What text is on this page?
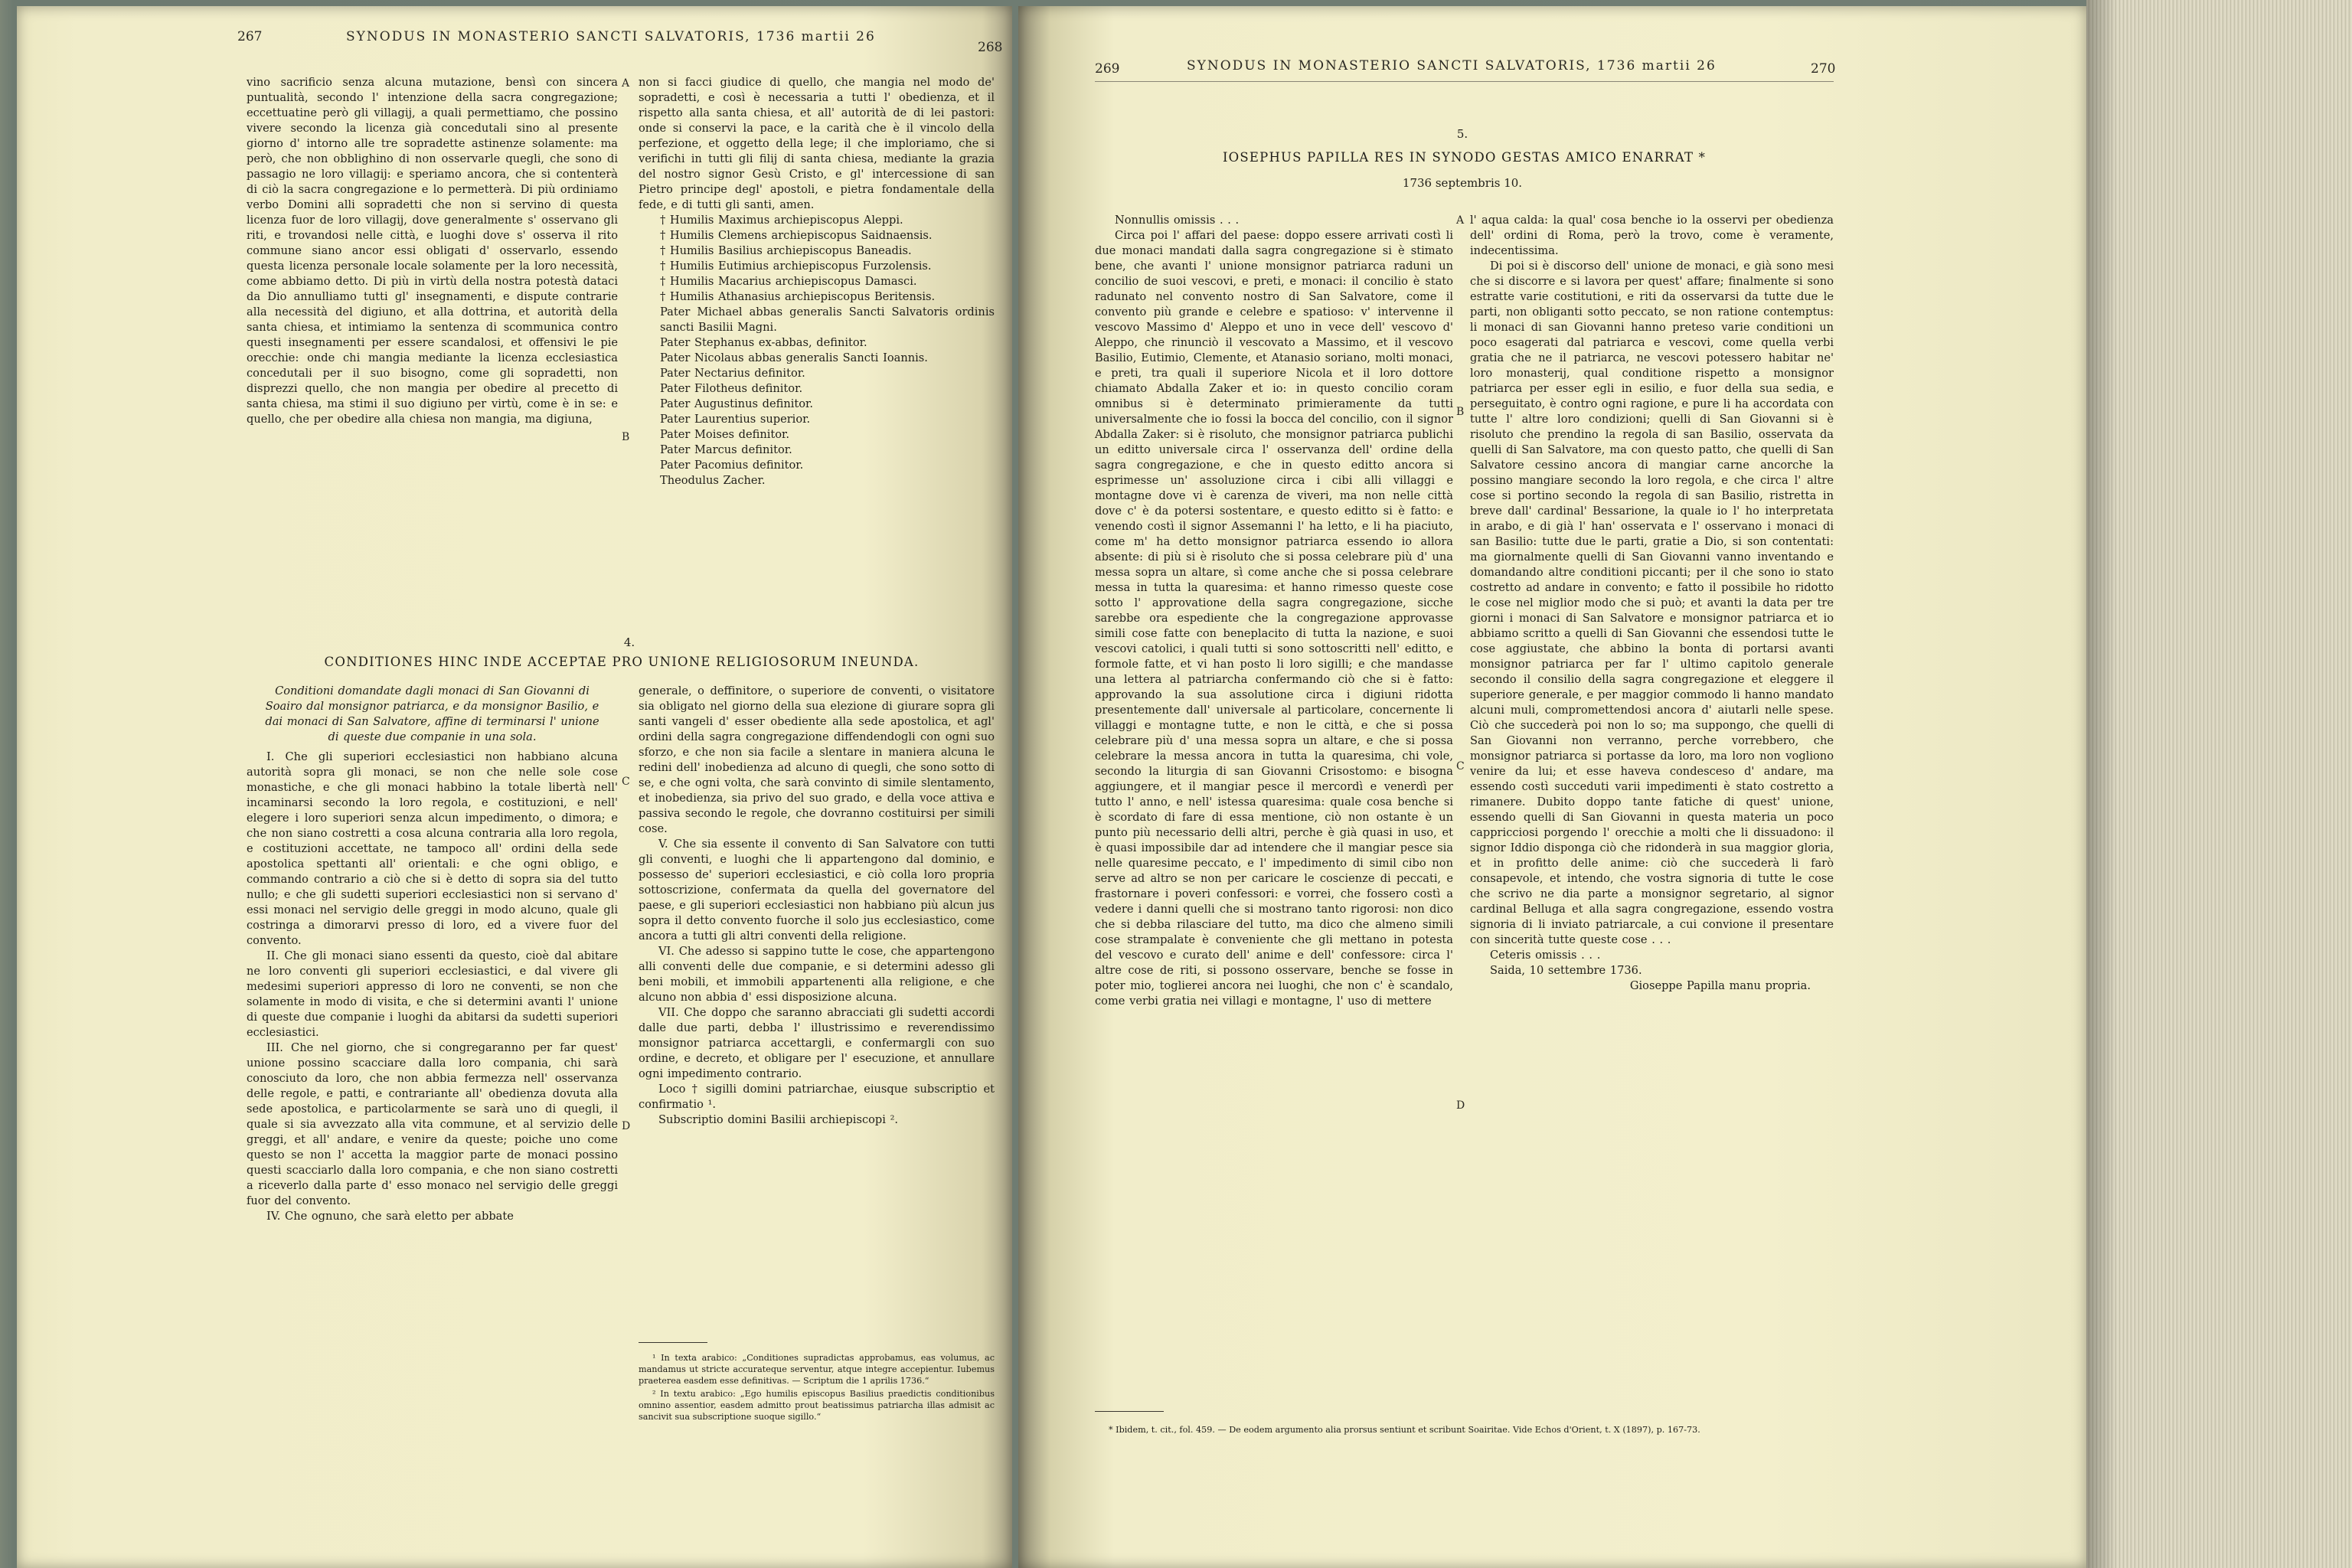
267	SYNODUS IN MONASTERIO SANCTI SALVATORIS, 1736 martii 26
268

vino sacrificio senza alcuna mutazione, bensì con sincera puntualità, secondo l' intenzione della sacra congregazione; eccettuatine però gli villagij, a quali permettiamo, che possino vivere secondo la licenza già concedutali sino al presente giorno d' intorno alle tre sopradette astinenze solamente: ma però, che non obblighino di non osservarle quegli, che sono di passagio ne loro villagij: e speriamo ancora, che si contenterà di ciò la sacra congregazione e lo permetterà. Di più ordiniamo verbo Domini alli sopradetti che non si servino di questa licenza fuor de loro villagij, dove generalmente s' osservano gli riti, e trovandosi nelle città, e luoghi dove s' osserva il rito commune siano ancor essi obligati d' osservarlo, essendo questa licenza personale locale solamente per la loro necessità, come abbiamo detto. Di più in virtù della nostra potestà dataci da Dio annulliamo tutti gl' insegnamenti, e dispute contrarie alla necessità del digiuno, et alla dottrina, et autorità della santa chiesa, et intimiamo la sentenza di scommunica contro questi insegnamenti per essere scandalosi, et offensivi le pie orecchie: onde chi mangia mediante la licenza ecclesiastica concedutali per il suo bisogno, come gli sopradetti, non disprezzi quello, che non mangia per obedire al precetto di santa chiesa, ma stimi il suo digiuno per virtù, come è in se: e quello, che per obedire alla chiesa non mangia, ma digiuna,

A
B

non si facci giudice di quello, che mangia nel modo de' sopradetti, e così è necessaria a tutti l' obedienza, et il rispetto alla santa chiesa, et all' autorità de di lei pastori: onde si conservi la pace, e la carità che è il vincolo della perfezione, et oggetto della lege; il che imploriamo, che si verifichi in tutti gli filij di santa chiesa, mediante la grazia del nostro signor Gesù Cristo, e gl' intercessione di san Pietro principe degl' apostoli, e pietra fondamentale della fede, e di tutti gli santi, amen.

† Humilis Maximus archiepiscopus Aleppi.

† Humilis Clemens archiepiscopus Saidnaensis.

† Humilis Basilius archiepiscopus Baneadis.

† Humilis Eutimius archiepiscopus Furzolensis.

† Humilis Macarius archiepiscopus Damasci.

† Humilis Athanasius archiepiscopus Beritensis.

Pater Michael abbas generalis Sancti Salvatoris ordinis sancti Basilii Magni.

Pater Stephanus ex-abbas, definitor.

Pater Nicolaus abbas generalis Sancti Ioannis.

Pater Nectarius definitor.

Pater Filotheus definitor.

Pater Augustinus definitor.

Pater Laurentius superior.

Pater Moises definitor.

Pater Marcus definitor.

Pater Pacomius definitor.

Theodulus Zacher.

4.
CONDITIONES HINC INDE ACCEPTAE PRO UNIONE RELIGIOSORUM INEUNDA.

Conditioni domandate dagli monaci di San Giovanni di Soairo dal monsignor patriarca, e da monsignor Basilio, e dai monaci di San Salvatore, affine di terminarsi l' unione di queste due companie in una sola.

I. Che gli superiori ecclesiastici non habbiano alcuna autorità sopra gli monaci, se non che nelle sole cose monastiche, e che gli monaci habbino la totale libertà nell' incaminarsi secondo la loro regola, e costituzioni, e nell' elegere i loro superiori senza alcun impedimento, o dimora; e che non siano costretti a cosa alcuna contraria alla loro regola, e costituzioni accettate, ne tampoco all' ordini della sede apostolica spettanti all' orientali: e che ogni obligo, e commando contrario a ciò che si è detto di sopra sia del tutto nullo; e che gli sudetti superiori ecclesiastici non si servano d' essi monaci nel servigio delle greggi in modo alcuno, quale gli costringa a dimorarvi presso di loro, ed a vivere fuor del convento.

II. Che gli monaci siano essenti da questo, cioè dal abitare ne loro conventi gli superiori ecclesiastici, e dal vivere gli medesimi superiori appresso di loro ne conventi, se non che solamente in modo di visita, e che si determini avanti l' unione di queste due companie i luoghi da abitarsi da sudetti superiori ecclesiastici.

III. Che nel giorno, che si congregaranno per far quest' unione possino scacciare dalla loro compania, chi sarà conosciuto da loro, che non abbia fermezza nell' osservanza delle regole, e patti, e contrariante all' obedienza dovuta alla sede apostolica, e particolarmente se sarà uno di quegli, il quale si sia avvezzato alla vita commune, et al servizio delle greggi, et all' andare, e venire da queste; poiche uno come questo se non l' accetta la maggior parte de monaci possino questi scacciarlo dalla loro compania, e che non siano costretti a riceverlo dalla parte d' esso monaco nel servigio delle greggi fuor del convento.

IV. Che ognuno, che sarà eletto per abbate

C
D

generale, o deffinitore, o superiore de conventi, o visitatore sia obligato nel giorno della sua elezione di giurare sopra gli santi vangeli d' esser obediente alla sede apostolica, et agl' ordini della sagra congregazione diffendendogli con ogni suo sforzo, e che non sia facile a slentare in maniera alcuna le redini dell' inobedienza ad alcuno di quegli, che sono sotto di se, e che ogni volta, che sarà convinto di simile slentamento, et inobedienza, sia privo del suo grado, e della voce attiva e passiva secondo le regole, che dovranno costituirsi per simili cose.

V. Che sia essente il convento di San Salvatore con tutti gli conventi, e luoghi che li appartengono dal dominio, e possesso de' superiori ecclesiastici, e ciò colla loro propria sottoscrizione, confermata da quella del governatore del paese, e gli superiori ecclesiastici non habbiano più alcun jus sopra il detto convento fuorche il solo jus ecclesiastico, come ancora a tutti gli altri conventi della religione.

VI. Che adesso si sappino tutte le cose, che appartengono alli conventi delle due companie, e si determini adesso gli beni mobili, et immobili appartenenti alla religione, e che alcuno non abbia d' essi disposizione alcuna.

VII. Che doppo che saranno abracciati gli sudetti accordi dalle due parti, debba l' illustrissimo e reverendissimo monsignor patriarca accettargli, e confermargli con suo ordine, e decreto, et obligare per l' esecuzione, et annullare ogni impedimento contrario.

Loco † sigilli domini patriarchae, eiusque subscriptio et confirmatio ¹.

Subscriptio domini Basilii archiepiscopi ².

¹ In texta arabico: „Conditiones supradictas approbamus, eas volumus, ac mandamus ut stricte accurateque serventur, atque integre accepientur. Iubemus praeterea easdem esse definitivas. — Scriptum die 1 aprilis 1736.“

² In textu arabico: „Ego humilis episcopus Basilius praedictis conditionibus omnino assentior, easdem admitto prout beatissimus patriarcha illas admisit ac sancivit sua subscriptione suoque sigillo.“

269	SYNODUS IN MONASTERIO SANCTI SALVATORIS, 1736 martii 26	270
5.
IOSEPHUS PAPILLA RES IN SYNODO GESTAS AMICO ENARRAT *
1736 septembris 10.

Nonnullis omissis . . .

Circa poi l' affari del paese: doppo essere arrivati costì li due monaci mandati dalla sagra congregazione si è stimato bene, che avanti l' unione monsignor patriarca raduni un concilio de suoi vescovi, e preti, e monaci: il concilio è stato radunato nel convento nostro di San Salvatore, come il convento più grande e celebre e spatioso: v' intervenne il vescovo Massimo d' Aleppo et uno in vece dell' vescovo d' Aleppo, che rinunciò il vescovato a Massimo, et il vescovo Basilio, Eutimio, Clemente, et Atanasio soriano, molti monaci, e preti, tra quali il superiore Nicola et il loro dottore chiamato Abdalla Zaker et io: in questo concilio coram omnibus si è determinato primieramente da tutti universalmente che io fossi la bocca del concilio, con il signor Abdalla Zaker: si è risoluto, che monsignor patriarca publichi un editto universale circa l' osservanza dell' ordine della sagra congregazione, e che in questo editto ancora si esprimesse un' assoluzione circa i cibi alli villaggi e montagne dove vi è carenza de viveri, ma non nelle città dove c' è da potersi sostentare, e questo editto si è fatto: e venendo costì il signor Assemanni l' ha letto, e li ha piaciuto, come m' ha detto monsignor patriarca essendo io allora absente: di più si è risoluto che si possa celebrare più d' una messa sopra un altare, sì come anche che si possa celebrare messa in tutta la quaresima: et hanno rimesso queste cose sotto l' approvatione della sagra congregazione, sicche sarebbe ora espediente che la congregazione approvasse simili cose fatte con beneplacito di tutta la nazione, e suoi vescovi catolici, i quali tutti si sono sottoscritti nell' editto, e formole fatte, et vi han posto li loro sigilli; e che mandasse una lettera al patriarcha confermando ciò che si è fatto: approvando la sua assolutione circa i digiuni ridotta presentemente dall' universale al particolare, concernente li villaggi e montagne tutte, e non le città, e che si possa celebrare più d' una messa sopra un altare, e che si possa celebrare la messa ancora in tutta la quaresima, chi vole, secondo la liturgia di san Giovanni Crisostomo: e bisogna aggiungere, et il mangiar pesce il mercordì e venerdì per tutto l' anno, e nell' istessa quaresima: quale cosa benche si è scordato di fare di essa mentione, ciò non ostante è un punto più necessario delli altri, perche è già quasi in uso, et è quasi impossibile dar ad intendere che il mangiar pesce sia nelle quaresime peccato, e l' impedimento di simil cibo non serve ad altro se non per caricare le coscienze di peccati, e frastornare i poveri confessori: e vorrei, che fossero costì a vedere i danni quelli che si mostrano tanto rigorosi: non dico che si debba rilasciare del tutto, ma dico che almeno simili cose strampalate è conveniente che gli mettano in potesta del vescovo e curato dell' anime e dell' confessore: circa l' altre cose de riti, si possono osservare, benche se fosse in poter mio, toglierei ancora nei luoghi, che non c' è scandalo, come verbi gratia nei villagi e montagne, l' uso di mettere

A
B
C
D

l' aqua calda: la qual' cosa benche io la osservi per obedienza dell' ordini di Roma, però la trovo, come è veramente, indecentissima.

Di poi si è discorso dell' unione de monaci, e già sono mesi che si discorre e si lavora per quest' affare; finalmente si sono estratte varie costitutioni, e riti da osservarsi da tutte due le parti, non obliganti sotto peccato, se non ratione contemptus: li monaci di san Giovanni hanno preteso varie conditioni un poco esagerati dal patriarca e vescovi, come quella verbi gratia che ne il patriarca, ne vescovi potessero habitar ne' loro monasterij, qual conditione rispetto a monsignor patriarca per esser egli in esilio, e fuor della sua sedia, e perseguitato, è contro ogni ragione, e pure li ha accordata con tutte l' altre loro condizioni; quelli di San Giovanni si è risoluto che prendino la regola di san Basilio, osservata da quelli di San Salvatore, ma con questo patto, che quelli di San Salvatore cessino ancora di mangiar carne ancorche la possino mangiare secondo la loro regola, e che circa l' altre cose si portino secondo la regola di san Basilio, ristretta in breve dall' cardinal' Bessarione, la quale io l' ho interpretata in arabo, e di già l' han' osservata e l' osservano i monaci di san Basilio: tutte due le parti, gratie a Dio, si son contentati: ma giornalmente quelli di San Giovanni vanno inventando e domandando altre conditioni piccanti; per il che sono io stato costretto ad andare in convento; e fatto il possibile ho ridotto le cose nel miglior modo che si può; et avanti la data per tre giorni i monaci di San Salvatore e monsignor patriarca et io abbiamo scritto a quelli di San Giovanni che essendosi tutte le cose aggiustate, che abbino la bonta di portarsi avanti monsignor patriarca per far l' ultimo capitolo generale secondo il consilio della sagra congregazione et eleggere il superiore generale, e per maggior commodo li hanno mandato alcuni muli, compromettendosi ancora d' aiutarli nelle spese. Ciò che succederà poi non lo so; ma suppongo, che quelli di San Giovanni non verranno, perche vorrebbero, che monsignor patriarca si portasse da loro, ma loro non vogliono venire da lui; et esse haveva condesceso d' andare, ma essendo costì succeduti varii impedimenti è stato costretto a rimanere. Dubito doppo tante fatiche di quest' unione, essendo quelli di San Giovanni in questa materia un poco cappricciosi porgendo l' orecchie a molti che li dissuadono: il signor Iddio disponga ciò che ridonderà in sua maggior gloria, et in profitto delle anime: ciò che succederà li farò consapevole, et intendo, che vostra signoria di tutte le cose che scrivo ne dia parte a monsignor segretario, al signor cardinal Belluga et alla sagra congregazione, essendo vostra signoria di li inviato patriarcale, a cui convione il presentare con sincerità tutte queste cose . . .

Ceteris omissis . . .

Saida, 10 settembre 1736.

Gioseppe Papilla manu propria.

* Ibidem, t. cit., fol. 459. — De eodem argumento alia prorsus sentiunt et scribunt Soairitae. Vide Echos d'Orient, t. X (1897), p. 167-73.
